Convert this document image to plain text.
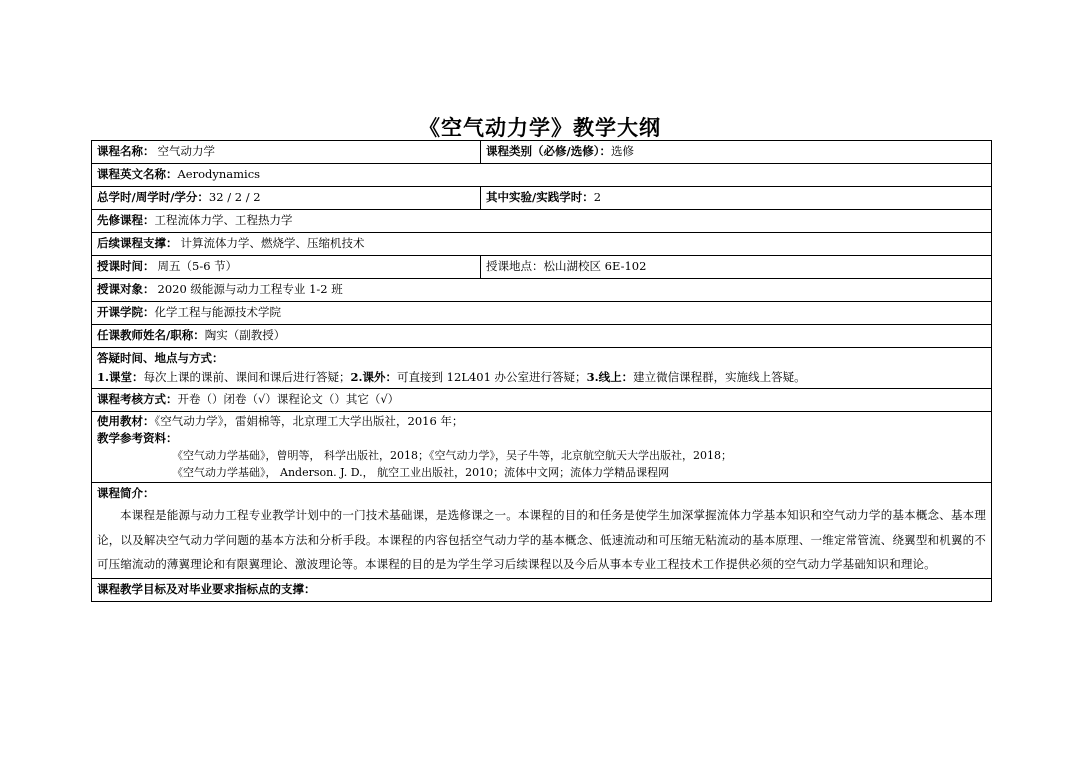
《空气动力学》教学大纲
课程名称： 空气动力学	课程类别（必修/选修）：选修
课程英文名称：Aerodynamics	
总学时/周学时/学分：32 / 2 / 2	其中实验/实践学时：2
先修课程：工程流体力学、工程热力学	
后续课程支撑： 计算流体力学、燃烧学、压缩机技术	
授课时间： 周五（5-6 节）	授课地点：松山湖校区 6E-102
授课对象： 2020 级能源与动力工程专业 1-2 班	
开课学院：化学工程与能源技术学院	
任课教师姓名/职称：陶实（副教授）	

答疑时间、地点与方式：
1.课堂：每次上课的课前、课间和课后进行答疑；2.课外：可直接到 12L401 办公室进行答疑；3.线上：建立微信课程群，实施线上答疑。	

课程考核方式：开卷（）闭卷（√）课程论文（）其它（√）	

使用教材：《空气动力学》，雷娟棉等，北京理工大学出版社，2016 年；
教学参考资料：
《空气动力学基础》，曾明等， 科学出版社，2018；《空气动力学》，吴子牛等，北京航空航天大学出版社，2018；
《空气动力学基础》， Anderson. J. D.， 航空工业出版社，2010；流体中文网；流体力学精品课程网	

课程简介：
本课程是能源与动力工程专业教学计划中的一门技术基础课，是选修课之一。本课程的目的和任务是使学生加深掌握流体力学基本知识和空气动力学的基本概念、基本理论，以及解决空气动力学问题的基本方法和分析手段。本课程的内容包括空气动力学的基本概念、低速流动和可压缩无粘流动的基本原理、一维定常管流、绕翼型和机翼的不可压缩流动的薄翼理论和有限翼理论、激波理论等。本课程的目的是为学生学习后续课程以及今后从事本专业工程技术工作提供必须的空气动力学基础知识和理论。	

课程教学目标及对毕业要求指标点的支撑：	
